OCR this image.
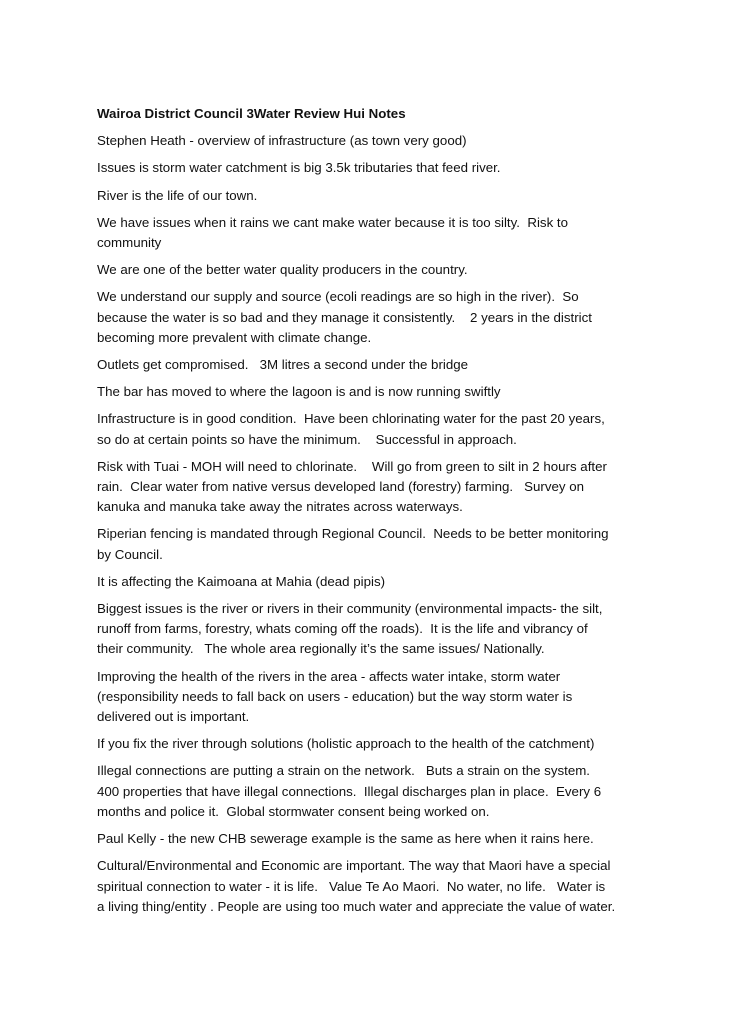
Wairoa District Council 3Water Review Hui Notes
Stephen Heath - overview of infrastructure (as town very good)
Issues is storm water catchment is big 3.5k tributaries that feed river.
River is the life of our town.
We have issues when it rains we cant make water because it is too silty.  Risk to
community
We are one of the better water quality producers in the country.
We understand our supply and source (ecoli readings are so high in the river).  So
because the water is so bad and they manage it consistently.    2 years in the district
becoming more prevalent with climate change.
Outlets get compromised.   3M litres a second under the bridge
The bar has moved to where the lagoon is and is now running swiftly
Infrastructure is in good condition.  Have been chlorinating water for the past 20 years,
so do at certain points so have the minimum.    Successful in approach.
Risk with Tuai - MOH will need to chlorinate.    Will go from green to silt in 2 hours after
rain.  Clear water from native versus developed land (forestry) farming.   Survey on
kanuka and manuka take away the nitrates across waterways.
Riperian fencing is mandated through Regional Council.  Needs to be better monitoring
by Council.
It is affecting the Kaimoana at Mahia (dead pipis)
Biggest issues is the river or rivers in their community (environmental impacts- the silt,
runoff from farms, forestry, whats coming off the roads).  It is the life and vibrancy of
their community.   The whole area regionally it’s the same issues/ Nationally.
Improving the health of the rivers in the area - affects water intake, storm water
(responsibility needs to fall back on users - education) but the way storm water is
delivered out is important.
If you fix the river through solutions (holistic approach to the health of the catchment)
Illegal connections are putting a strain on the network.   Buts a strain on the system.
400 properties that have illegal connections.  Illegal discharges plan in place.  Every 6
months and police it.  Global stormwater consent being worked on.
Paul Kelly - the new CHB sewerage example is the same as here when it rains here.
Cultural/Environmental and Economic are important. The way that Maori have a special
spiritual connection to water - it is life.   Value Te Ao Maori.  No water, no life.   Water is
a living thing/entity . People are using too much water and appreciate the value of water.
